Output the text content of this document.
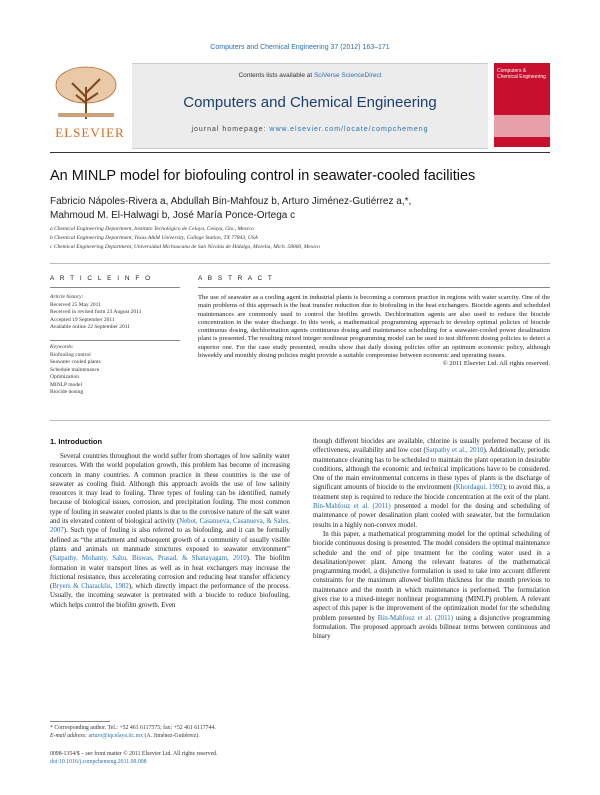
Computers and Chemical Engineering 37 (2012) 163–171
ELSEVIER
Contents lists available at SciVerse ScienceDirect
Computers and Chemical Engineering
journal homepage: www.elsevier.com/locate/compchemeng
Computers & Chemical Engineering
An MINLP model for biofouling control in seawater-cooled facilities
Fabricio Nápoles-Rivera a, Abdullah Bin-Mahfouz b, Arturo Jiménez-Gutiérrez a,*,
Mahmoud M. El-Halwagi b, José María Ponce-Ortega c
a Chemical Engineering Department, Instituto Tecnológico de Celaya, Celaya, Gto., Mexico
b Chemical Engineering Department, Texas A&M University, College Station, TX 77843, USA
c Chemical Engineering Department, Universidad Michoacana de San Nicolás de Hidalgo, Morelia, Mich. 58060, Mexico
A R T I C L E I N F O	A B S T R A C T
Article history:
Received 25 May 2011
Received in revised form 23 August 2011
Accepted 19 September 2011
Available online 22 September 2011
Keywords:
Biofouling control
Seawater cooled plants
Schedule maintenance
Optimization
MINLP model
Biocide dosing
The use of seawater as a cooling agent in industrial plants is becoming a common practice in regions with water scarcity. One of the main problems of this approach is the heat transfer reduction due to biofouling in the heat exchangers. Biocide agents and scheduled maintenances are commonly used to control the biofilm growth. Dechlorination agents are also used to reduce the biocide concentration in the water discharge. In this work, a mathematical programming approach to develop optimal policies of biocide continuous dosing, dechlorination agents continuous dosing and maintenance scheduling for a seawater-cooled power desalination plant is presented. The resulting mixed integer nonlinear programming model can be used to test different dosing policies to detect a superior one. For the case study presented, results show that daily dosing policies offer an optimum economic policy, although biweekly and monthly dosing policies might provide a suitable compromise between economic and operating issues.
© 2011 Elsevier Ltd. All rights reserved.
1. Introduction

Several countries throughout the world suffer from shortages of low salinity water resources. With the world population growth, this problem has become of increasing concern in many countries. A common practice in these countries is the use of seawater as cooling fluid. Although this approach avoids the use of low salinity resources it may lead to fouling. Three types of fouling can be identified, namely because of biological issues, corrosion, and precipitation fouling. The most common type of fouling in seawater cooled plants is due to the corrosive nature of the salt water and its elevated content of biological activity (Nebot, Casanueva, Casanueva, & Sales, 2007). Such type of fouling is also referred to as biofouling, and it can be formally defined as “the attachment and subsequent growth of a community of usually visible plants and animals on manmade structures exposed to seawater environment” (Satpathy, Mohanty, Sahu, Biswas, Prasad, & Shanayagam, 2010). The biofilm formation in water transport lines as well as in heat exchangers may increase the frictional resistance, thus accelerating corrosion and reducing heat transfer efficiency (Bryers & Characklis, 1982), which directly impact the performance of the process. Usually, the incoming seawater is pretreated with a biocide to reduce biofouling, which helps control the biofilm growth. Even

though different biocides are available, chlorine is usually preferred because of its effectiveness, availability and low cost (Satpathy et al., 2010). Additionally, periodic maintenance cleaning has to be scheduled to maintain the plant operation in desirable conditions, although the economic and technical implications have to be considered. One of the main environmental concerns in these types of plants is the discharge of significant amounts of biocide to the environment (Khordagui, 1992); to avoid this, a treatment step is required to reduce the biocide concentration at the exit of the plant. Bin-Mahfouz et al. (2011) presented a model for the dosing and scheduling of maintenance of power desalination plant cooled with seawater, but the formulation results in a highly non-convex model.

In this paper, a mathematical programming model for the optimal scheduling of biocide continuous dosing is presented. The model considers the optimal maintenance schedule and the end of pipe treatment for the cooling water used in a desalination/power plant. Among the relevant features of the mathematical programming model, a disjunctive formulation is used to take into account different constraints for the maximum allowed biofilm thickness for the month previous to maintenance and the month in which maintenance is performed. The formulation gives rise to a mixed-integer nonlinear programming (MINLP) problem. A relevant aspect of this paper is the improvement of the optimization model for the scheduling problem presented by Bin-Mahfouz et al. (2011) using a disjunctive programming formulation. The proposed approach avoids bilinear terms between continuous and binary

* Corresponding author. Tel.: +52 461 6117575; fax: +52 461 6117744.
E-mail address: arturo@iqcelaya.itc.mx (A. Jiménez-Gutiérrez).
0098-1354/$ – see front matter © 2011 Elsevier Ltd. All rights reserved.
doi:10.1016/j.compchemeng.2011.09.008
